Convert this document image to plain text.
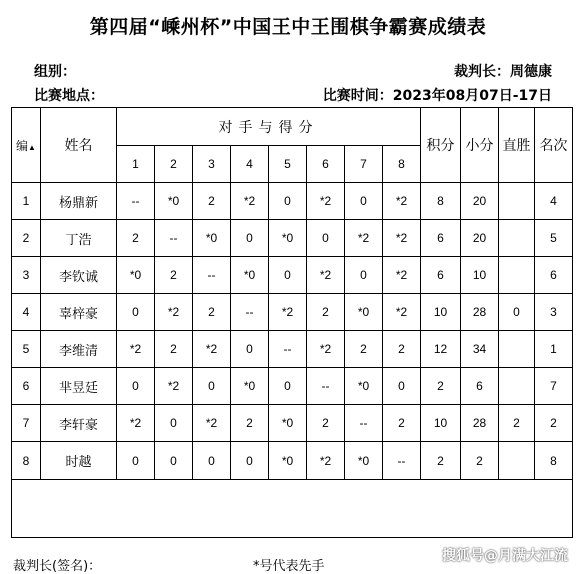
第四届“嵊州杯”中国王中王围棋争霸赛成绩表
组别：	裁判长：周德康
比赛地点：	比赛时间：2023年08月07日-17日
编▲	姓名	对手与得分								积分	小分	直胜	名次
		1	2	3	4	5	6	7	8				
1	杨鼎新	--	*0	2	*2	0	*2	0	*2	8	20		4
2	丁浩	2	--	*0	0	*0	0	*2	*2	6	20		5
3	李钦诚	*0	2	--	*0	0	*2	0	*2	6	10		6
4	辜梓豪	0	*2	2	--	*2	2	*0	*2	10	28	0	3
5	李维清	*2	2	*2	0	--	*2	2	2	12	34		1
6	芈昱廷	0	*2	0	*0	0	--	*0	0	2	6		7
7	李轩豪	*2	0	*2	2	*0	2	--	2	10	28	2	2
8	时越	0	0	0	0	*0	*2	*0	--	2	2		8

裁判长(签名)：	*号代表先手
搜狐号@月满大江流
